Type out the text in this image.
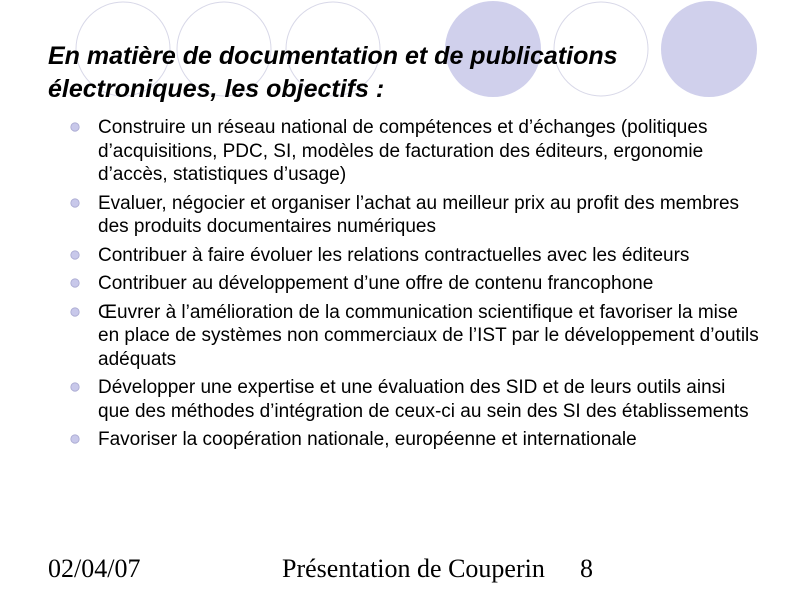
En matière de documentation et de publications électroniques, les objectifs :
Construire un réseau national de compétences et d’échanges (politiques d’acquisitions, PDC, SI, modèles de facturation des éditeurs, ergonomie d’accès, statistiques d’usage)
Evaluer, négocier et organiser l’achat au meilleur prix au profit des membres des produits documentaires numériques
Contribuer à faire évoluer les relations contractuelles avec les éditeurs
Contribuer au développement d’une offre de contenu francophone
Œuvrer à l’amélioration de la communication scientifique et favoriser la mise en place de systèmes non commerciaux de l’IST par le développement d’outils adéquats
Développer une expertise et une évaluation des SID et de leurs outils ainsi que des méthodes d’intégration de ceux-ci au sein des SI des établissements
Favoriser la coopération nationale, européenne et internationale
02/04/07	Présentation de Couperin 8
